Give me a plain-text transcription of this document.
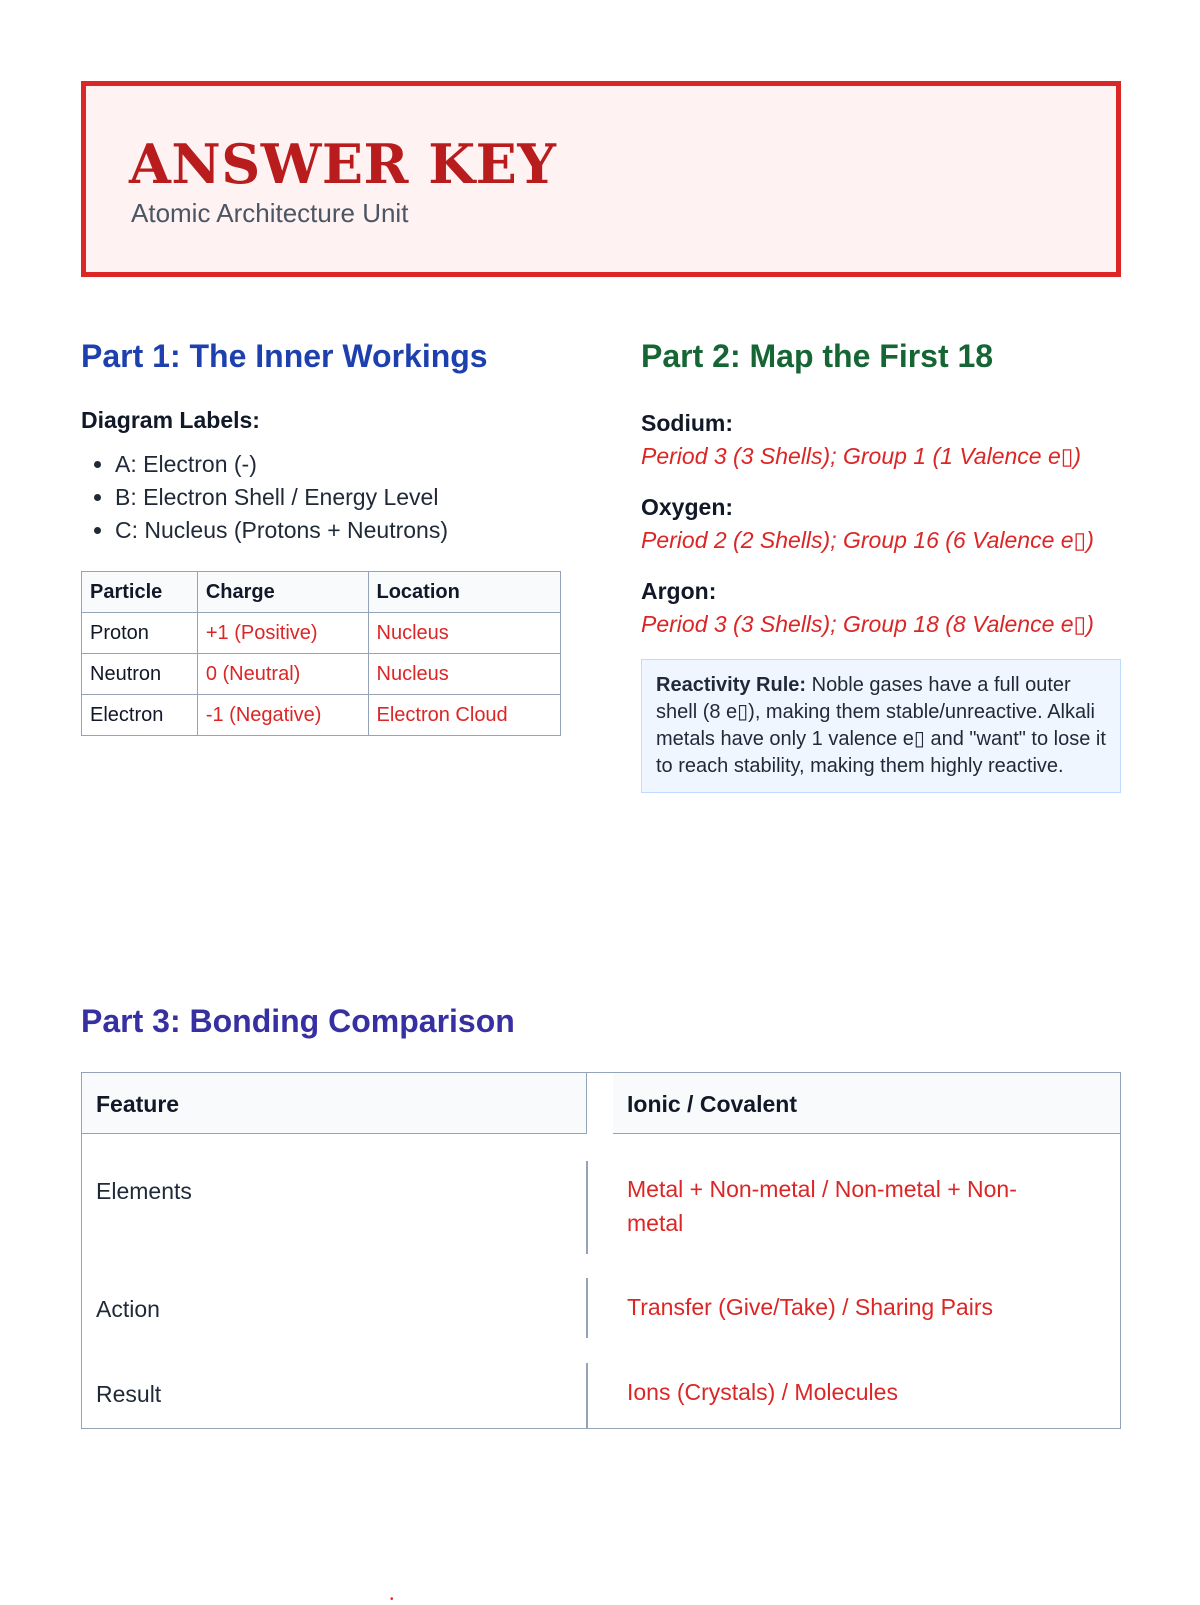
ANSWER KEY
Atomic Architecture Unit
Part 1: The Inner Workings
Diagram Labels:
• A: Electron (-)
• B: Electron Shell / Energy Level
• C: Nucleus (Protons + Neutrons)
Particle	Charge	Location
Proton	+1 (Positive)	Nucleus
Neutron	0 (Neutral)	Nucleus
Electron	-1 (Negative)	Electron Cloud
Part 2: Map the First 18
Sodium:
Period 3 (3 Shells); Group 1 (1 Valence e▯)
Oxygen:
Period 2 (2 Shells); Group 16 (6 Valence e▯)
Argon:
Period 3 (3 Shells); Group 18 (8 Valence e▯)
Reactivity Rule: Noble gases have a full outer shell (8 e▯), making them stable/unreactive. Alkali metals have only 1 valence e▯ and "want" to lose it to reach stability, making them highly reactive.
Part 3: Bonding Comparison
Feature	Ionic / Covalent
Elements	Metal + Non-metal / Non-metal + Non-metal
Action	Transfer (Give/Take) / Sharing Pairs
Result	Ions (Crystals) / Molecules
•
